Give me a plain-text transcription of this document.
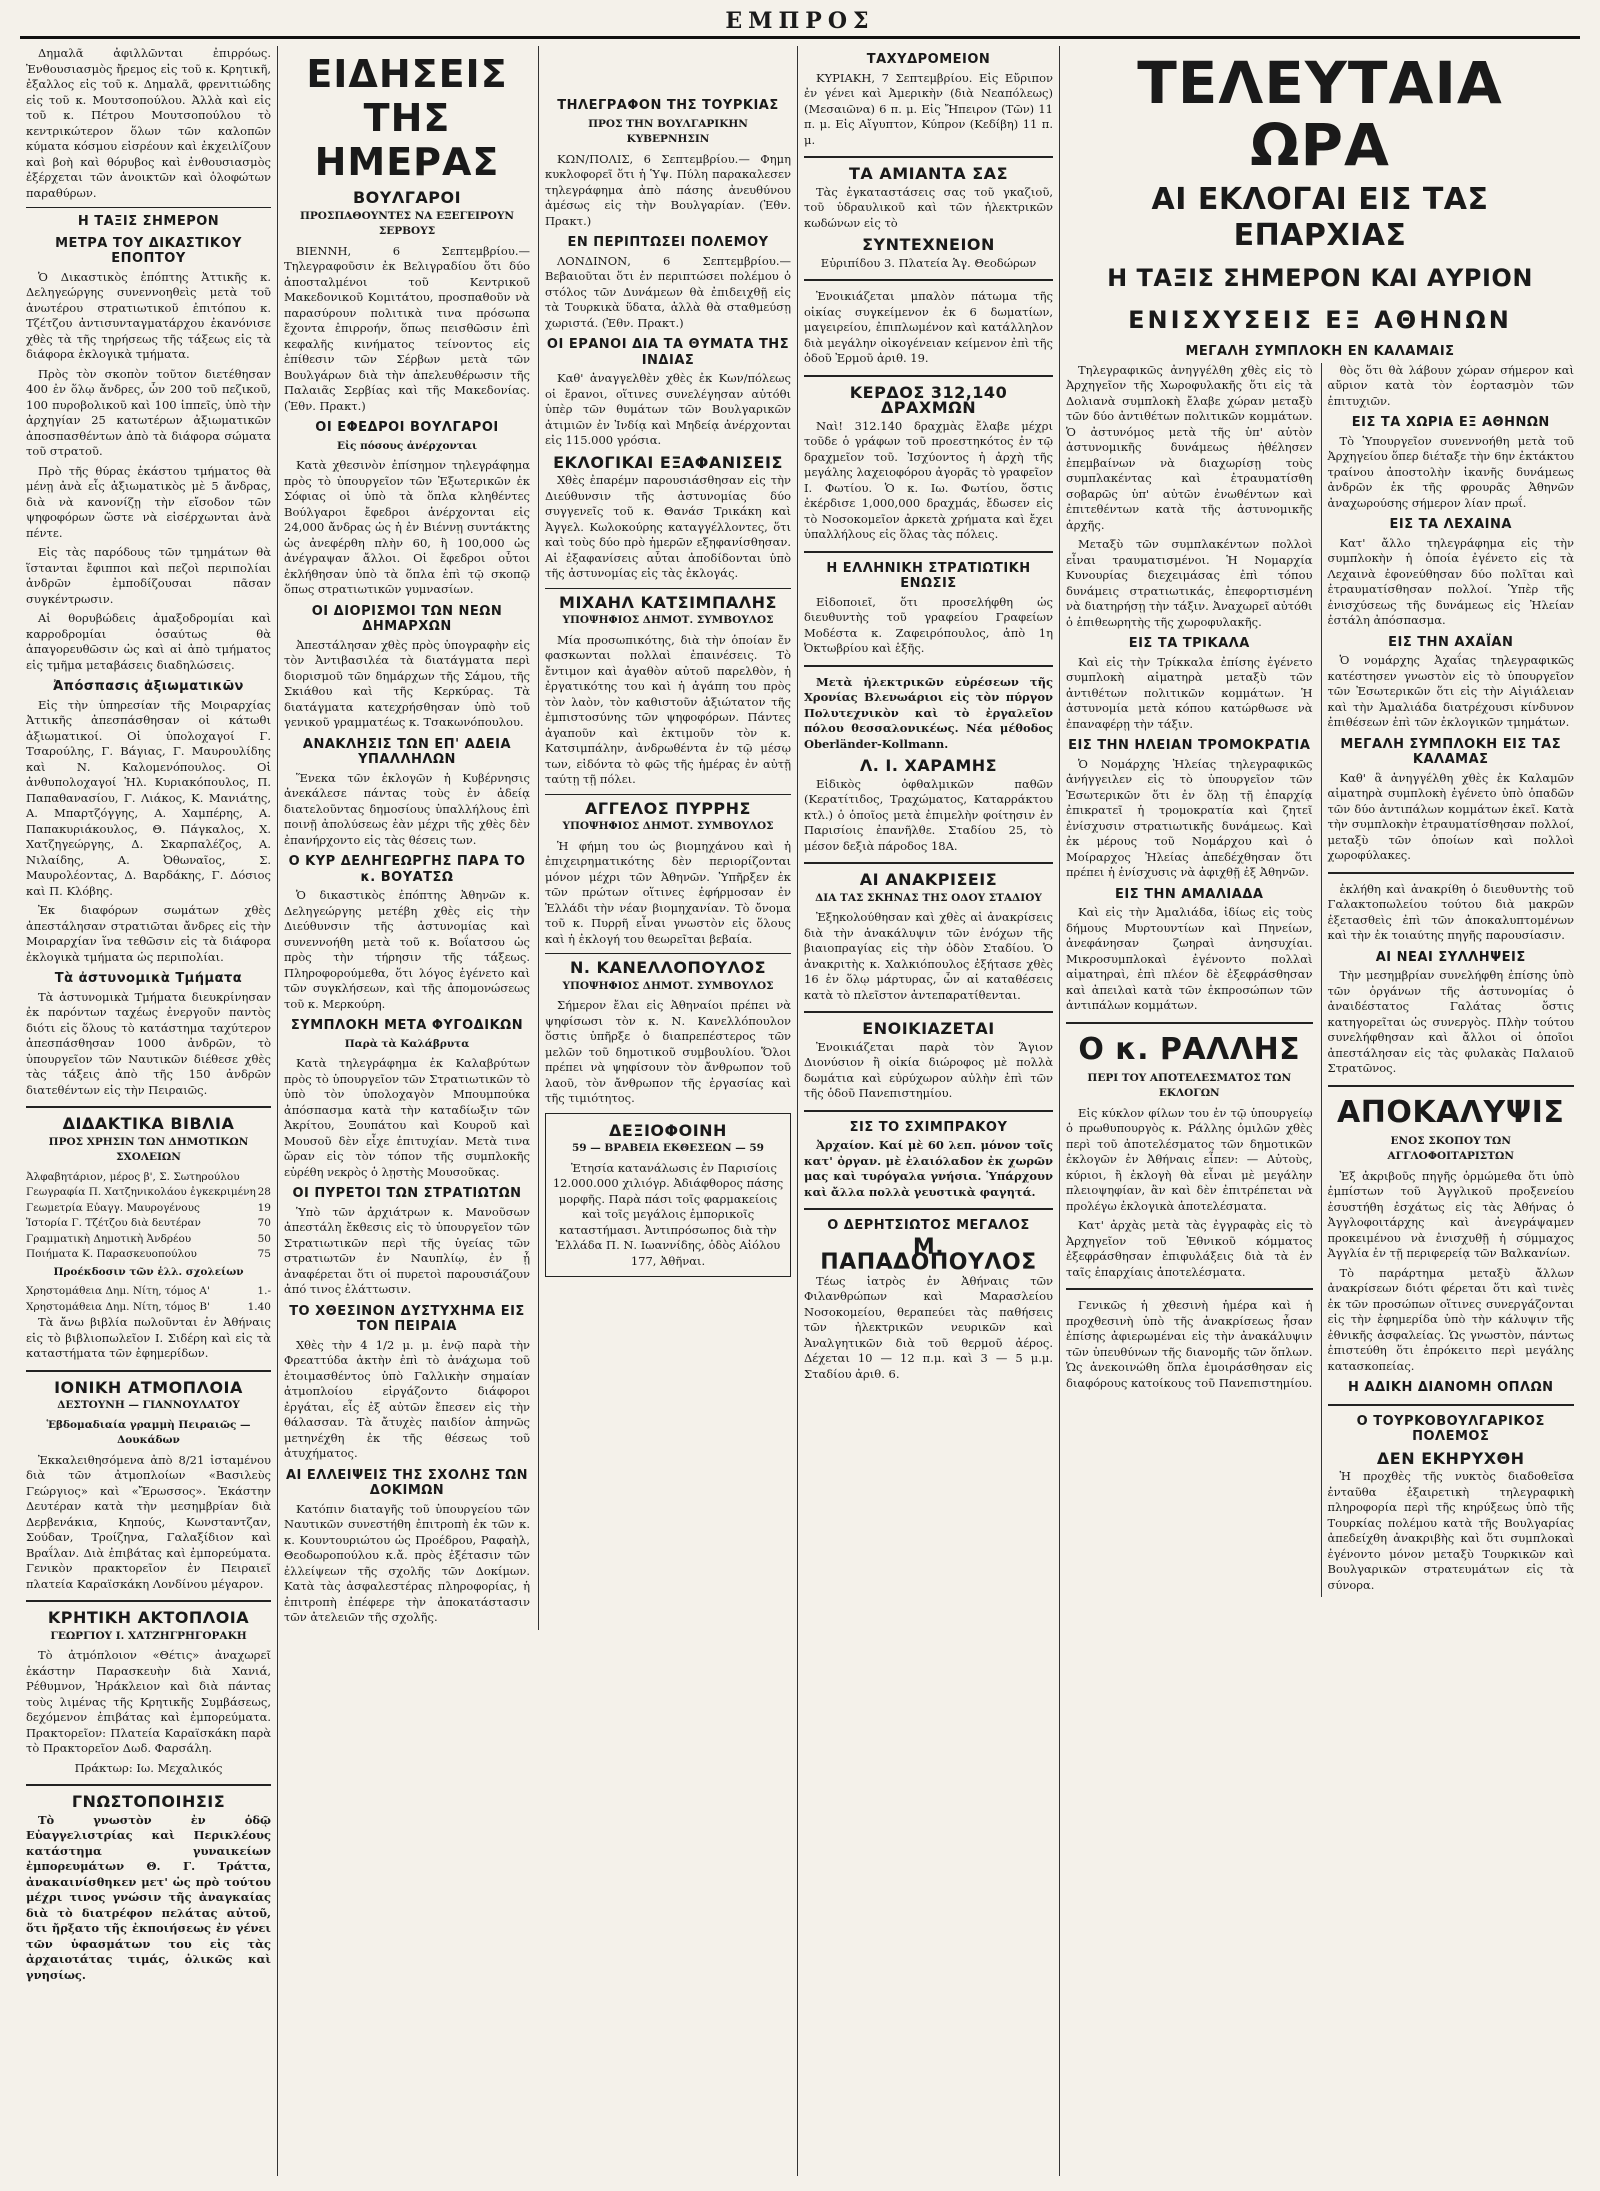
ΕΜΠΡΟΣ

Δημαλᾶ ἀφιλλῶνται ἐπιρρόως. Ἐνθουσιασμὸς ἤρεμος εἰς τοῦ κ. Κρητικῆ, ἐξαλλος εἰς τοῦ κ. Δημαλᾶ, φρενιτιώδης εἰς τοῦ κ. Μουτσοπούλου. Ἀλλὰ καὶ εἰς τοῦ κ. Πέτρου Μουτσοπούλου τὸ κεντρικώτερον ὅλων τῶν καλοπῶν κύματα κόσμου εἰσρέουν καὶ ἐκχειλίζουν καὶ βοὴ καὶ θόρυβος καὶ ἐνθουσιασμὸς ἐξέρχεται τῶν ἀνοικτῶν καὶ ὁλοφώτων παραθύρων.

Η ΤΑΞΙΣ ΣΗΜΕΡΟΝ
ΜΕΤΡΑ ΤΟΥ ΔΙΚΑΣΤΙΚΟΥ ΕΠΟΠΤΟΥ

Ὁ Δικαστικὸς ἐπόπτης Ἀττικῆς κ. Δεληγεώργης συνεννοηθεὶς μετὰ τοῦ ἀνωτέρου στρατιωτικοῦ ἐπιτόπου κ. Τζέτζου ἀντισυνταγματάρχου ἐκανόνισε χθὲς τὰ τῆς τηρήσεως τῆς τάξεως εἰς τὰ διάφορα ἐκλογικὰ τμήματα.

Πρὸς τὸν σκοπὸν τοῦτον διετέθησαν 400 ἐν ὅλῳ ἄνδρες, ὧν 200 τοῦ πεζικοῦ, 100 πυροβολικοῦ καὶ 100 ἱππεῖς, ὑπὸ τὴν ἀρχηγίαν 25 κατωτέρων ἀξιωματικῶν ἀποσπασθέντων ἀπὸ τὰ διάφορα σώματα τοῦ στρατοῦ.

Πρὸ τῆς θύρας ἑκάστου τμήματος θὰ μένῃ ἀνὰ εἷς ἀξιωματικὸς μὲ 5 ἄνδρας, διὰ νὰ κανονίζῃ τὴν εἴσοδον τῶν ψηφοφόρων ὥστε νὰ εἰσέρχωνται ἀνὰ πέντε.

Εἰς τὰς παρόδους τῶν τμημάτων θὰ ἵστανται ἔφιπποι καὶ πεζοὶ περιπολίαι ἀνδρῶν ἐμποδίζουσαι πᾶσαν συγκέντρωσιν.

Αἱ θορυβώδεις ἀμαξοδρομίαι καὶ καρροδρομίαι ὁσαύτως θὰ ἀπαγορευθῶσιν ὡς καὶ αἱ ἀπὸ τμήματος εἰς τμῆμα μεταβάσεις διαδηλώσεις.

Ἀπόσπασις ἀξιωματικῶν

Εἰς τὴν ὑπηρεσίαν τῆς Μοιραρχίας Ἀττικῆς ἀπεσπάσθησαν οἱ κάτωθι ἀξιωματικοί. Οἱ ὑπολοχαγοί Γ. Τσαρούλης, Γ. Βάγιας, Γ. Μαυρουλίδης καὶ Ν. Καλομενόπουλος. Οἱ ἀνθυπολοχαγοί Ἡλ. Κυριακόπουλος, Π. Παπαθανασίου, Γ. Λιάκος, Κ. Μανιάτης, Α. Μπαρτζόγγης, Α. Χαμπέρης, Α. Παπακυριάκουλος, Θ. Πάγκαλος, Χ. Χατζηγεώργης, Δ. Σκαρπαλέζος, Α. Νιλαίδης, Α. Ὀθωναῖος, Σ. Μαυρολέοντας, Δ. Βαρδάκης, Γ. Δόσιος καὶ Π. Κλόβης.

Ἐκ διαφόρων σωμάτων χθὲς ἀπεστάλησαν στρατιῶται ἄνδρες εἰς τὴν Μοιραρχίαν ἵνα τεθῶσιν εἰς τὰ διάφορα ἐκλογικὰ τμήματα ὡς περιπολίαι.

Τὰ ἀστυνομικὰ Τμήματα

Τὰ ἀστυνομικὰ Τμήματα διευκρίνησαν ἐκ παρόντων ταχέως ἐνεργοῦν παντὸς διότι εἰς ὅλους τὸ κατάστημα ταχύτερον ἀπεσπάσθησαν 1000 ἀνδρῶν, τὸ ὑπουργεῖον τῶν Ναυτικῶν διέθεσε χθὲς τὰς τάξεις ἀπὸ τῆς 150 ἀνδρῶν διατεθέντων εἰς τὴν Πειραιῶς.

ΔΙΔΑΚΤΙΚΑ ΒΙΒΛΙΑ
ΠΡΟΣ ΧΡΗΣΙΝ ΤΩΝ ΔΗΜΟΤΙΚΩΝ ΣΧΟΛΕΙΩΝ
Ἀλφαβητάριον, μέρος β', Σ. Σωτηρούλου
Γεωγραφία Π. Χατζηνικολάου ἐγκεκριμένη 28
Γεωμετρία Εὐαγγ. Μαυρογένους	19
Ἱστορία Γ. Τζέτζου διὰ δευτέραν	70
Γραμματικὴ Δημοτικὴ Ἀνδρέου	50
Ποιήματα Κ. Παρασκευοπούλου	75
Προέκδοσιν τῶν ἑλλ. σχολείων
Χρηστομάθεια Δημ. Νίτη, τόμος Α'	1.-
Χρηστομάθεια Δημ. Νίτη, τόμος Β'	1.40

Τὰ ἄνω βιβλία πωλοῦνται ἐν Ἀθήναις εἰς τὸ βιβλιοπωλεῖον Ι. Σιδέρη καὶ εἰς τὰ καταστήματα τῶν ἐφημερίδων.

ΙΟΝΙΚΗ ΑΤΜΟΠΛΟΙΑ
ΔΕΣΤΟΥΝΗ — ΓΙΑΝΝΟΥΛΑΤΟΥ
Ἑβδομαδιαία γραμμὴ Πειραιῶς — Δουκάδων

Ἐκκαλειθησόμενα ἀπὸ 8/21 ἰσταμένου διὰ τῶν ἀτμοπλοίων «Βασιλεὺς Γεώργιος» καὶ «Ἔρωσσος». Ἑκάστην Δευτέραν κατὰ τὴν μεσημβρίαν διὰ Δερβενάκια, Κηπούς, Κωνσταντζαν, Σούδαν, Τροίζηνα, Γαλαξίδιον καὶ Βραΐλαν. Διὰ ἐπιβάτας καὶ ἐμπορεύματα. Γενικὸν πρακτορεῖον ἐν Πειραιεῖ πλατεία Καραϊσκάκη Λονδίνου μέγαρον.

ΚΡΗΤΙΚΗ ΑΚΤΟΠΛΟΙΑ
ΓΕΩΡΓΙΟΥ Ι. ΧΑΤΖΗΓΡΗΓΟΡΑΚΗ

Τὸ ἀτμόπλοιον «Θέτις» ἀναχωρεῖ ἑκάστην Παρασκευὴν διὰ Χανιά, Ρέθυμνον, Ἡράκλειον καὶ διὰ πάντας τοὺς λιμένας τῆς Κρητικῆς Συμβάσεως, δεχόμενον ἐπιβάτας καὶ ἐμπορεύματα. Πρακτορεῖον: Πλατεία Καραϊσκάκη παρὰ τὸ Πρακτορεῖον Δωδ. Φαρσάλη.

Πράκτωρ: Ιω. Μεχαλικός

ΓΝΩΣΤΟΠΟΙΗΣΙΣ

Τὸ γνωστὸν ἐν ὁδῷ Εὐαγγελιστρίας καὶ Περικλέους κατάστημα γυναικείων ἐμπορευμάτων Θ. Γ. Τράττα, ἀνακαινίσθηκεν μετ' ὡς πρὸ τούτου μέχρι τινος γνώσιν τῆς ἀναγκαίας διὰ τὸ διατρέφον πελάτας αὐτοῦ, ὅτι ἤρξατο τῆς ἐκποιήσεως ἐν γένει τῶν ὑφασμάτων του εἰς τὰς ἀρχαιοτάτας τιμάς, ὁλικῶς καὶ γνησίως.

ΕΙΔΗΣΕΙΣ ΤΗΣ ΗΜΕΡΑΣ
ΒΟΥΛΓΑΡΟΙ
ΠΡΟΣΠΑΘΟΥΝΤΕΣ ΝΑ ΕΞΕΓΕΙΡΟΥΝ ΣΕΡΒΟΥΣ

ΒΙΕΝΝΗ, 6 Σεπτεμβρίου.— Τηλεγραφοῦσιν ἐκ Βελιγραδίου ὅτι δύο ἀποσταλμένοι τοῦ Κεντρικοῦ Μακεδονικοῦ Κομιτάτου, προσπαθοῦν νὰ παρασύρουν πολιτικὰ τινα πρόσωπα ἔχοντα ἐπιρροήν, ὅπως πεισθῶσιν ἐπὶ κεφαλῆς κινήματος τείνοντος εἰς ἐπίθεσιν τῶν Σέρβων μετὰ τῶν Βουλγάρων διὰ τὴν ἀπελευθέρωσιν τῆς Παλαιᾶς Σερβίας καὶ τῆς Μακεδονίας. (Ἐθν. Πρακτ.)

ΟΙ ΕΦΕΔΡΟΙ ΒΟΥΛΓΑΡΟΙ
Εἰς πόσους ἀνέρχονται

Κατὰ χθεσινὸν ἐπίσημον τηλεγράφημα πρὸς τὸ ὑπουργεῖον τῶν Ἐξωτερικῶν ἐκ Σόφιας οἱ ὑπὸ τὰ ὅπλα κληθέντες Βούλγαροι ἔφεδροι ἀνέρχονται εἰς 24,000 ἄνδρας ὡς ἡ ἐν Βιέννῃ συντάκτης ὡς ἀνεφέρθη πλὴν 60, ἢ 100,000 ὡς ἀνέγραψαν ἄλλοι. Οἱ ἔφεδροι οὗτοι ἐκλήθησαν ὑπὸ τὰ ὅπλα ἐπὶ τῷ σκοπῷ ὅπως στρατιωτικῶν γυμνασίων.

ΟΙ ΔΙΟΡΙΣΜΟΙ ΤΩΝ ΝΕΩΝ ΔΗΜΑΡΧΩΝ

Ἀπεστάλησαν χθὲς πρὸς ὑπογραφὴν εἰς τὸν Ἀντιβασιλέα τὰ διατάγματα περὶ διορισμοῦ τῶν δημάρχων τῆς Σάμου, τῆς Σκιάθου καὶ τῆς Κερκύρας. Τὰ διατάγματα κατεχρήσθησαν ὑπὸ τοῦ γενικοῦ γραμματέως κ. Τσακωνόπουλου.

ΑΝΑΚΛΗΣΙΣ ΤΩΝ ΕΠ' ΑΔΕΙΑ ΥΠΑΛΛΗΛΩΝ

Ἕνεκα τῶν ἐκλογῶν ἡ Κυβέρνησις ἀνεκάλεσε πάντας τοὺς ἐν ἀδείᾳ διατελοῦντας δημοσίους ὑπαλλήλους ἐπὶ ποινῇ ἀπολύσεως ἐὰν μέχρι τῆς χθὲς δὲν ἐπανήρχοντο εἰς τὰς θέσεις των.

Ο ΚΥΡ ΔΕΛΗΓΕΩΡΓΗΣ ΠΑΡΑ ΤΟ κ. ΒΟΥΑΤΣΩ

Ὁ δικαστικὸς ἐπόπτης Ἀθηνῶν κ. Δεληγεώργης μετέβη χθὲς εἰς τὴν Διεύθυνσιν τῆς ἀστυνομίας καὶ συνεννοήθη μετὰ τοῦ κ. Βοΐατσου ὡς πρὸς τὴν τήρησιν τῆς τάξεως. Πληροφορούμεθα, ὅτι λόγος ἐγένετο καὶ τῶν συγκλήσεων, καὶ τῆς ἀπομονώσεως τοῦ κ. Μερκούρη.

ΣΥΜΠΛΟΚΗ ΜΕΤΑ ΦΥΓΟΔΙΚΩΝ
Παρὰ τὰ Καλάβρυτα

Κατὰ τηλεγράφημα ἐκ Καλαβρύτων πρὸς τὸ ὑπουργεῖον τῶν Στρατιωτικῶν τὸ ὑπὸ τὸν ὑπολοχαγὸν Μπουμπούκα ἀπόσπασμα κατὰ τὴν καταδίωξιν τῶν Ἀκρίτου, Ξουπάτου καὶ Κουροῦ καὶ Μουσοῦ δὲν εἶχε ἐπιτυχίαν. Μετὰ τινα ὥραν εἰς τὸν τόπον τῆς συμπλοκῆς εὑρέθη νεκρὸς ὁ λῃστὴς Μουσοῦκας.

ΟΙ ΠΥΡΕΤΟΙ ΤΩΝ ΣΤΡΑΤΙΩΤΩΝ

Ὑπὸ τῶν ἀρχιάτρων κ. Μανοῦσων ἀπεστάλη ἔκθεσις εἰς τὸ ὑπουργεῖον τῶν Στρατιωτικῶν περὶ τῆς ὑγείας τῶν στρατιωτῶν ἐν Ναυπλίῳ, ἐν ᾗ ἀναφέρεται ὅτι οἱ πυρετοὶ παρουσιάζουν ἀπό τινος ἐλάττωσιν.

ΤΟ ΧΘΕΣΙΝΟΝ ΔΥΣΤΥΧΗΜΑ ΕΙΣ ΤΟΝ ΠΕΙΡΑΙΑ

Χθὲς τὴν 4 1/2 μ. μ. ἐνῷ παρὰ τὴν Φρεαττύδα ἀκτὴν ἐπὶ τὸ ἀνάχωμα τοῦ ἑτοιμασθέντος ὑπὸ Γαλλικὴν σημαίαν ἀτμοπλοίου εἰργάζοντο διάφοροι ἐργάται, εἷς ἐξ αὐτῶν ἔπεσεν εἰς τὴν θάλασσαν. Τὰ ἄτυχὲς παιδίον ἀπηνῶς μετηνέχθη ἐκ τῆς θέσεως τοῦ ἀτυχήματος.

ΑΙ ΕΛΛΕΙΨΕΙΣ ΤΗΣ ΣΧΟΛΗΣ ΤΩΝ ΔΟΚΙΜΩΝ

Κατόπιν διαταγῆς τοῦ ὑπουργείου τῶν Ναυτικῶν συνεστήθη ἐπιτροπὴ ἐκ τῶν κ. κ. Κουντουριώτου ὡς Προέδρου, Ραφαὴλ, Θεοδωροπούλου κ.ἄ. πρὸς ἐξέτασιν τῶν ἐλλείψεων τῆς σχολῆς τῶν Δοκίμων. Κατὰ τὰς ἀσφαλεστέρας πληροφορίας, ἡ ἐπιτροπὴ ἐπέφερε τὴν ἀποκατάστασιν τῶν ἀτελειῶν τῆς σχολῆς.

ΤΗΛΕΓΡΑΦΟΝ ΤΗΣ ΤΟΥΡΚΙΑΣ
ΠΡΟΣ ΤΗΝ ΒΟΥΛΓΑΡΙΚΗΝ ΚΥΒΕΡΝΗΣΙΝ

ΚΩΝ/ΠΟΛΙΣ, 6 Σεπτεμβρίου.— Φημη κυκλοφορεῖ ὅτι ἡ Ὑψ. Πύλη παρακαλεσεν τηλεγράφημα ἀπὸ πάσης ἀνευθύνου ἀμέσως εἰς τὴν Βουλγαρίαν. (Ἐθν. Πρακτ.)

ΕΝ ΠΕΡΙΠΤΩΣΕΙ ΠΟΛΕΜΟΥ

ΛΟΝΔΙΝΟΝ, 6 Σεπτεμβρίου.— Βεβαιοῦται ὅτι ἐν περιπτώσει πολέμου ὁ στόλος τῶν Δυνάμεων θὰ ἐπιδειχθῇ εἰς τὰ Τουρκικὰ ὕδατα, ἀλλὰ θὰ σταθμεύσῃ χωριστά. (Ἐθν. Πρακτ.)

ΟΙ ΕΡΑΝΟΙ ΔΙΑ ΤΑ ΘΥΜΑΤΑ ΤΗΣ ΙΝΔΙΑΣ

Καθ' ἀναγγελθὲν χθὲς ἐκ Κων/πόλεως οἱ ἔρανοι, οἵτινες συνελέγησαν αὐτόθι ὑπὲρ τῶν θυμάτων τῶν Βουλγαρικῶν ἀτιμιῶν ἐν Ἰνδίᾳ καὶ Μηδείᾳ ἀνέρχονται εἰς 115.000 γρόσια.

ΕΚΛΟΓΙΚΑΙ ΕΞΑΦΑΝΙΣΕΙΣ

Χθὲς ἐπαρέμν παρουσιάσθησαν εἰς τὴν Διεύθυνσιν τῆς ἀστυνομίας δύο συγγενεῖς τοῦ κ. Θανάσ Τρικάκη καὶ Ἀγγελ. Κωλοκούρης καταγγέλλοντες, ὅτι καὶ τοὺς δύο πρὸ ἡμερῶν εξηφανίσθησαν. Αἱ ἐξαφανίσεις αὗται ἀποδίδονται ὑπὸ τῆς ἀστυνομίας εἰς τὰς ἐκλογάς.

ΜΙΧΑΗΛ ΚΑΤΣΙΜΠΑΛΗΣ
ΥΠΟΨΗΦΙΟΣ ΔΗΜΟΤ. ΣΥΜΒΟΥΛΟΣ

Μία προσωπικότης, διὰ τὴν ὁποίαν ἔν φασκωνται πολλαὶ ἐπαινέσεις. Τὸ ἔντιμον καὶ ἀγαθὸν αὐτοῦ παρελθὸν, ἡ ἐργατικότης του καὶ ἡ ἀγάπη του πρὸς τὸν λαὸν, τὸν καθιστοῦν ἀξιώτατον τῆς ἐμπιστοσύνης τῶν ψηφοφόρων. Πάντες ἀγαποῦν καὶ ἐκτιμοῦν τὸν κ. Κατσιμπάλην, ἀνδρωθέντα ἐν τῷ μέσῳ των, εἰδόντα τὸ φῶς τῆς ἡμέρας ἐν αὐτῇ ταύτῃ τῇ πόλει.

ΑΓΓΕΛΟΣ ΠΥΡΡΗΣ
ΥΠΟΨΗΦΙΟΣ ΔΗΜΟΤ. ΣΥΜΒΟΥΛΟΣ

Ἡ φήμη του ὡς βιομηχάνου καὶ ἡ ἐπιχειρηματικότης δὲν περιορίζονται μόνον μέχρι τῶν Ἀθηνῶν. Ὑπῆρξεν ἐκ τῶν πρώτων οἵτινες ἐφήρμοσαν ἐν Ἑλλάδι τὴν νέαν βιομηχανίαν. Τὸ ὄνομα τοῦ κ. Πυρρῆ εἶναι γνωστὸν εἰς ὅλους καὶ ἡ ἐκλογή του θεωρεῖται βεβαία.

Ν. ΚΑΝΕΛΛΟΠΟΥΛΟΣ
ΥΠΟΨΗΦΙΟΣ ΔΗΜΟΤ. ΣΥΜΒΟΥΛΟΣ

Σήμερον ἔλαι εἰς Ἀθηναίοι πρέπει νὰ ψηφίσωσι τὸν κ. Ν. Κανελλόπουλον ὅστις ὑπῆρξε ὁ διαπρεπέστερος τῶν μελῶν τοῦ δημοτικοῦ συμβουλίου. Ὅλοι πρέπει νὰ ψηφίσουν τὸν ἄνθρωπον τοῦ λαοῦ, τὸν ἄνθρωπον τῆς ἐργασίας καὶ τῆς τιμιότητος.

ΔΕΞΙΟΦΟΙΝΗ
59 — ΒΡΑΒΕΙΑ ΕΚΘΕΣΕΩΝ — 59

Ἐτησία κατανάλωσις ἐν Παρισίοις 12.000.000 χιλιόγρ. Ἀδιάφθορος πάσης μορφῆς. Παρὰ πάσι τοῖς φαρμακείοις καὶ τοῖς μεγάλοις ἐμπορικοῖς καταστήμασι. Ἀντιπρόσωπος διὰ τὴν Ἑλλάδα Π. Ν. Ιωαννίδης, ὁδὸς Αἰόλου 177, Ἀθῆναι.

ΤΑΧΥΔΡΟΜΕΙΟΝ

ΚΥΡΙΑΚΗ, 7 Σεπτεμβρίου. Εἰς Εὔριπον ἐν γένει καὶ Ἀμερικὴν (διὰ Νεαπόλεως) (Μεσαιῶνα) 6 π. μ. Εἰς Ἤπειρον (Τῶν) 11 π. μ. Εἰς Αἴγυπτον, Κύπρον (Κεδίβη) 11 π. μ.

ΤΑ ΑΜΙΑΝΤΑ ΣΑΣ

Τὰς ἐγκαταστάσεις σας τοῦ γκαζιοῦ, τοῦ ὑδραυλικοῦ καὶ τῶν ἠλεκτρικῶν κωδώνων εἰς τὸ

ΣΥΝΤΕΧΝΕΙΟΝ

Εὐριπίδου 3. Πλατεία Ἁγ. Θεοδώρων

Ἐνοικιάζεται μπαλὸν πάτωμα τῆς οἰκίας συγκείμενον ἐκ 6 δωματίων, μαγειρείου, ἐπιπλωμένον καὶ κατάλληλον διὰ μεγάλην οἰκογένειαν κείμενον ἐπὶ τῆς ὁδοῦ Ἐρμοῦ ἀριθ. 19.

ΚΕΡΔΟΣ 312,140 ΔΡΑΧΜΩΝ

Ναὶ! 312.140 δραχμὰς ἔλαβε μέχρι τοῦδε ὁ γράφων τοῦ προεστηκότος ἐν τῷ δραχμεῖον τοῦ. Ἰσχύοντος ἡ ἀρχὴ τῆς μεγάλης λαχειοφόρου ἀγορᾶς τὸ γραφεῖον Ι. Φωτίου. Ὁ κ. Ιω. Φωτίου, ὅστις ἐκέρδισε 1,000,000 δραχμάς, ἔδωσεν εἰς τὸ Νοσοκομεῖον ἀρκετὰ χρήματα καὶ ἔχει ὑπαλλήλους εἰς ὅλας τὰς πόλεις.

Η ΕΛΛΗΝΙΚΗ ΣΤΡΑΤΙΩΤΙΚΗ ΕΝΩΣΙΣ

Εἰδοποιεῖ, ὅτι προσελήφθη ὡς διευθυντὴς τοῦ γραφείου Γραφείων Μοδέστα κ. Ζαφειρόπουλος, ἀπὸ 1η Ὀκτωβρίου καὶ ἑξῆς.

Μετὰ ἠλεκτρικῶν εὐρέσεων τῆς Χρονίας Βλενωάριοι εἰς τὸν πύργον Πολυτεχνικὸν καὶ τὸ ἐργαλεῖον πόλου θεσσαλονικέως. Νέα μέθοδος Oberländer-Kollmann.

Λ. Ι. ΧΑΡΑΜΗΣ

Εἰδικὸς ὀφθαλμικῶν παθῶν (Κερατίτιδος, Τραχώματος, Καταρράκτου κτλ.) ὁ ὁποῖος μετὰ ἐπιμελὴν φοίτησιν ἐν Παρισίοις ἐπανῆλθε. Σταδίου 25, τὸ μέσον δεξιὰ πάροδος 18Α.

ΑΙ ΑΝΑΚΡΙΣΕΙΣ
ΔΙΑ ΤΑΣ ΣΚΗΝΑΣ ΤΗΣ ΟΔΟΥ ΣΤΑΔΙΟΥ

Ἐξηκολούθησαν καὶ χθὲς αἱ ἀνακρίσεις διὰ τὴν ἀνακάλυψιν τῶν ἐνόχων τῆς βιαιοπραγίας εἰς τὴν ὁδὸν Σταδίου. Ὁ ἀνακριτὴς κ. Χαλκιόπουλος ἐξήτασε χθὲς 16 ἐν ὅλῳ μάρτυρας, ὧν αἱ καταθέσεις κατὰ τὸ πλεῖστον ἀντεπαρατίθενται.

ΕΝΟΙΚΙΑΖΕΤΑΙ

Ἐνοικιάζεται παρὰ τὸν Ἅγιον Διονύσιον ἢ οἰκία διώροφος μὲ πολλὰ δωμάτια καὶ εὐρύχωρον αὐλὴν ἐπὶ τῶν τῆς ὁδοῦ Πανεπιστημίου.

ΣΙΣ ΤΟ ΣΧΙΜΠΡΑΚΟΥ

Ἀρχαίον. Καί μὲ 60 λεπ. μόνον τοῖς κατ' ὀργαν. μὲ ἐλαιόλαδον ἐκ χωρῶν μας καὶ τυρόγαλα γνήσια. Ὑπάρχουν καὶ ἄλλα πολλὰ γευστικὰ φαγητά.

Ο ΔΕΡΗΤΣΙΩΤΟΣ ΜΕΓΑΛΟΣ
Μ. ΠΑΠΑΔΟΠΟΥΛΟΣ

Τέως ἰατρὸς ἐν Ἀθήναις τῶν Φιλανθρώπων καὶ Μαρασλείου Νοσοκομείου, θεραπεύει τὰς παθήσεις τῶν ἠλεκτρικῶν νευρικῶν καὶ Ἀναλγητικῶν διὰ τοῦ θερμοῦ ἀέρος. Δέχεται 10 — 12 π.μ. καὶ 3 — 5 μ.μ. Σταδίου ἀριθ. 6.

ΤΕΛΕΥΤΑΙΑ ΩΡΑ
ΑΙ ΕΚΛΟΓΑΙ ΕΙΣ ΤΑΣ ΕΠΑΡΧΙΑΣ
Η ΤΑΞΙΣ ΣΗΜΕΡΟΝ ΚΑΙ ΑΥΡΙΟΝ
ΕΝΙΣΧΥΣΕΙΣ ΕΞ ΑΘΗΝΩΝ
ΜΕΓΑΛΗ ΣΥΜΠΛΟΚΗ ΕΝ ΚΑΛΑΜΑΙΣ

Τηλεγραφικῶς ἀνηγγέλθη χθὲς εἰς τὸ Ἀρχηγεῖον τῆς Χωροφυλακῆς ὅτι εἰς τὰ Δολιανὰ συμπλοκὴ ἔλαβε χώραν μεταξὺ τῶν δύο ἀντιθέτων πολιτικῶν κομμάτων. Ὁ ἀστυνόμος μετὰ τῆς ὑπ' αὐτὸν ἀστυνομικῆς δυνάμεως ἠθέλησεν ἐπεμβαίνων νὰ διαχωρίσῃ τοὺς συμπλακέντας καὶ ἐτραυματίσθη σοβαρῶς ὑπ' αὐτῶν ἐνωθέντων καὶ ἐπιτεθέντων κατὰ τῆς ἀστυνομικῆς ἀρχῆς.

Μεταξὺ τῶν συμπλακέντων πολλοὶ εἶναι τραυματισμένοι. Ἡ Νομαρχία Κυνουρίας διεχειμάσας ἐπὶ τόπου δυνάμεις στρατιωτικάς, ἐπεφορτισμένη νὰ διατηρήσῃ τὴν τάξιν. Ἀναχωρεῖ αὐτόθι ὁ ἐπιθεωρητὴς τῆς χωροφυλακῆς.

ΕΙΣ ΤΑ ΤΡΙΚΑΛΑ

Καὶ εἰς τὴν Τρίκκαλα ἐπίσης ἐγένετο συμπλοκὴ αἱματηρὰ μεταξὺ τῶν ἀντιθέτων πολιτικῶν κομμάτων. Ἡ ἀστυνομία μετὰ κόπου κατώρθωσε νὰ ἐπαναφέρῃ τὴν τάξιν.

ΕΙΣ ΤΗΝ ΗΛΕΙΑΝ ΤΡΟΜΟΚΡΑΤΙΑ

Ὁ Νομάρχης Ἠλείας τηλεγραφικῶς ἀνήγγειλεν εἰς τὸ ὑπουργεῖον τῶν Ἐσωτερικῶν ὅτι ἐν ὅλῃ τῇ ἐπαρχίᾳ ἐπικρατεῖ ἡ τρομοκρατία καὶ ζητεῖ ἐνίσχυσιν στρατιωτικῆς δυνάμεως. Καὶ ἐκ μέρους τοῦ Νομάρχου καὶ ὁ Μοίραρχος Ἠλείας ἀπεδέχθησαν ὅτι πρέπει ἡ ἐνίσχυσις νὰ ἀφιχθῇ ἐξ Ἀθηνῶν.

ΕΙΣ ΤΗΝ ΑΜΑΛΙΑΔΑ

Καὶ εἰς τὴν Ἀμαλιάδα, ἰδίως εἰς τοὺς δήμους Μυρτουντίων καὶ Πηνείων, ἀνεφάνησαν ζωηραὶ ἀνησυχίαι. Μικροσυμπλοκαὶ ἐγένοντο πολλαὶ αἱματηραὶ, ἐπὶ πλέον δὲ ἐξεφράσθησαν καὶ ἀπειλαὶ κατὰ τῶν ἐκπροσώπων τῶν ἀντιπάλων κομμάτων.

Ο κ. ΡΑΛΛΗΣ
ΠΕΡΙ ΤΟΥ ΑΠΟΤΕΛΕΣΜΑΤΟΣ ΤΩΝ ΕΚΛΟΓΩΝ

Εἰς κύκλον φίλων του ἐν τῷ ὑπουργείῳ ὁ πρωθυπουργὸς κ. Ράλλης ὁμιλῶν χθὲς περὶ τοῦ ἀποτελέσματος τῶν δημοτικῶν ἐκλογῶν ἐν Ἀθήναις εἶπεν: — Αὐτοὺς, κύριοι, ἢ ἐκλογὴ θὰ εἶναι μὲ μεγάλην πλειοψηφίαν, ἂν καὶ δὲν ἐπιτρέπεται νὰ προλέγω ἐκλογικὰ ἀποτελέσματα.

Κατ' ἀρχὰς μετὰ τὰς ἐγγραφὰς εἰς τὸ Ἀρχηγεῖον τοῦ Ἐθνικοῦ κόμματος ἐξεφράσθησαν ἐπιφυλάξεις διὰ τὰ ἐν ταῖς ἐπαρχίαις ἀποτελέσματα.

Γενικῶς ἡ χθεσινὴ ἡμέρα καὶ ἡ προχθεσινὴ ὑπὸ τῆς ἀνακρίσεως ἦσαν ἐπίσης ἀφιερωμέναι εἰς τὴν ἀνακάλυψιν τῶν ὑπευθύνων τῆς διανομῆς τῶν ὅπλων. Ὡς ἀνεκοινώθη ὅπλα ἐμοιράσθησαν εἰς διαφόρους κατοίκους τοῦ Πανεπιστημίου.

θὸς ὅτι θὰ λάβουν χώραν σήμερον καὶ αὔριον κατὰ τὸν ἑορτασμὸν τῶν ἐπιτυχιῶν.

ΕΙΣ ΤΑ ΧΩΡΙΑ ΕΞ ΑΘΗΝΩΝ

Τὸ Ὑπουργεῖον συνεννοήθη μετὰ τοῦ Ἀρχηγείου ὅπερ διέταξε τὴν 6ην ἐκτάκτου τραίνου ἀποστολὴν ἱκανῆς δυνάμεως ἀνδρῶν ἐκ τῆς φρουρᾶς Ἀθηνῶν ἀναχωρούσης σήμερον λίαν πρωΐ.

ΕΙΣ ΤΑ ΛΕΧΑΙΝΑ

Κατ' ἄλλο τηλεγράφημα εἰς τὴν συμπλοκὴν ἡ ὁποία ἐγένετο εἰς τὰ Λεχαινὰ ἐφονεύθησαν δύο πολῖται καὶ ἐτραυματίσθησαν πολλοί. Ὑπὲρ τῆς ἐνισχύσεως τῆς δυνάμεως εἰς Ἠλείαν ἐστάλη ἀπόσπασμα.

ΕΙΣ ΤΗΝ ΑΧΑΪΑΝ

Ὁ νομάρχης Ἀχαΐας τηλεγραφικῶς κατέστησεν γνωστὸν εἰς τὸ ὑπουργεῖον τῶν Ἐσωτερικῶν ὅτι εἰς τὴν Αἰγιάλειαν καὶ τὴν Ἀμαλιάδα διατρέχουσι κίνδυνον ἐπιθέσεων ἐπὶ τῶν ἐκλογικῶν τμημάτων.

ΜΕΓΑΛΗ ΣΥΜΠΛΟΚΗ ΕΙΣ ΤΑΣ ΚΑΛΑΜΑΣ

Καθ' ἃ ἀνηγγέλθη χθὲς ἐκ Καλαμῶν αἱματηρὰ συμπλοκὴ ἐγένετο ὑπὸ ὁπαδῶν τῶν δύο ἀντιπάλων κομμάτων ἐκεῖ. Κατὰ τὴν συμπλοκὴν ἐτραυματίσθησαν πολλοί, μεταξὺ τῶν ὁποίων καὶ πολλοὶ χωροφύλακες.

ἐκλήθη καὶ ἀνακρίθη ὁ διευθυντὴς τοῦ Γαλακτοπωλείου τούτου διὰ μακρῶν ἐξετασθεὶς ἐπὶ τῶν ἀποκαλυπτομένων καὶ τὴν ἐκ τοιαύτης πηγῆς παρουσίασιν.

ΑΙ ΝΕΑΙ ΣΥΛΛΗΨΕΙΣ

Τὴν μεσημβρίαν συνελήφθη ἐπίσης ὑπὸ τῶν ὀργάνων τῆς ἀστυνομίας ὁ ἀναιδέστατος Γαλάτας ὅστις κατηγορεῖται ὡς συνεργὸς. Πλὴν τούτου συνελήφθησαν καὶ ἄλλοι οἱ ὁποῖοι ἀπεστάλησαν εἰς τὰς φυλακὰς Παλαιοῦ Στρατῶνος.

ΑΠΟΚΑΛΥΨΙΣ
ΕΝΟΣ ΣΚΟΠΟΥ ΤΩΝ ΑΓΓΛΟΦΟΙΤΑΡΙΣΤΩΝ

Ἐξ ἀκριβοῦς πηγῆς ὁρμώμεθα ὅτι ὑπὸ ἐμπίστων τοῦ Ἀγγλικοῦ προξενείου ἐσυστήθη ἐσχάτως εἰς τὰς Ἀθήνας ὁ Ἀγγλοφοιτάρχης καὶ ἀνεγράψαμεν προκειμένου νὰ ἐνισχυθῇ ἡ σύμμαχος Ἀγγλία ἐν τῇ περιφερείᾳ τῶν Βαλκανίων.

Τὸ παράρτημα μεταξὺ ἄλλων ἀνακρίσεων διότι φέρεται ὅτι καὶ τινὲς ἐκ τῶν προσώπων οἵτινες συνεργάζονται εἰς τὴν ἐφημερίδα ὑπὸ τὴν κάλυψιν τῆς ἐθνικῆς ἀσφαλείας. Ὡς γνωστὸν, πάντως ἐπιστεύθη ὅτι ἐπρόκειτο περὶ μεγάλης κατασκοπείας.

Η ΑΔΙΚΗ ΔΙΑΝΟΜΗ ΟΠΛΩΝ
Ο ΤΟΥΡΚΟΒΟΥΛΓΑΡΙΚΟΣ ΠΟΛΕΜΟΣ
ΔΕΝ ΕΚΗΡΥΧΘΗ

Ἡ προχθὲς τῆς νυκτὸς διαδοθεῖσα ἐνταῦθα ἐξαιρετικὴ τηλεγραφικὴ πληροφορία περὶ τῆς κηρύξεως ὑπὸ τῆς Τουρκίας πολέμου κατὰ τῆς Βουλγαρίας ἀπεδείχθη ἀνακριβὴς καὶ ὅτι συμπλοκαὶ ἐγένοντο μόνον μεταξὺ Τουρκικῶν καὶ Βουλγαρικῶν στρατευμάτων εἰς τὰ σύνορα.
